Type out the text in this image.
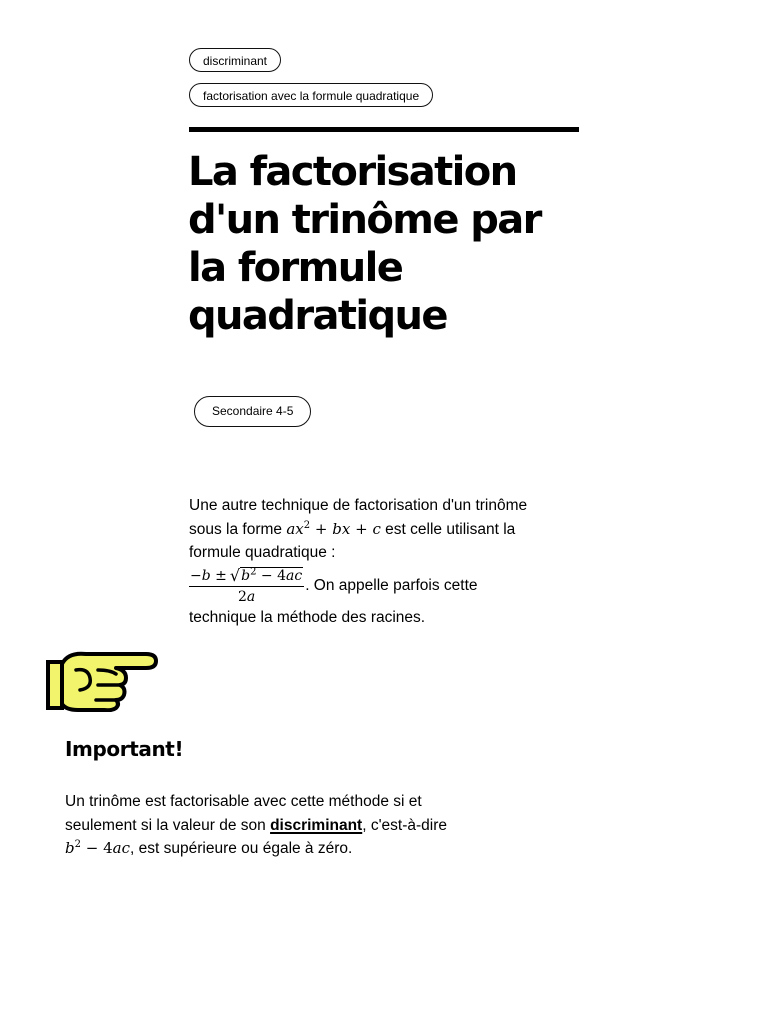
discriminant
factorisation avec la formule quadratique
La factorisation d'un trinôme par la formule quadratique
Secondaire 4-5
Une autre technique de factorisation d'un trinôme sous la forme $ax^2$ + bx + c est celle utilisant la formule quadratique :
$\frac{-b \pm √ b^2 - 4ac}{2a}$ . On appelle parfois cette
technique la méthode des racines.
Important!
Un trinôme est factorisable avec cette méthode si et seulement si la valeur de son discriminant, c'est-à-dire $b^2 - 4ac$, est supérieure ou égale à zéro.
